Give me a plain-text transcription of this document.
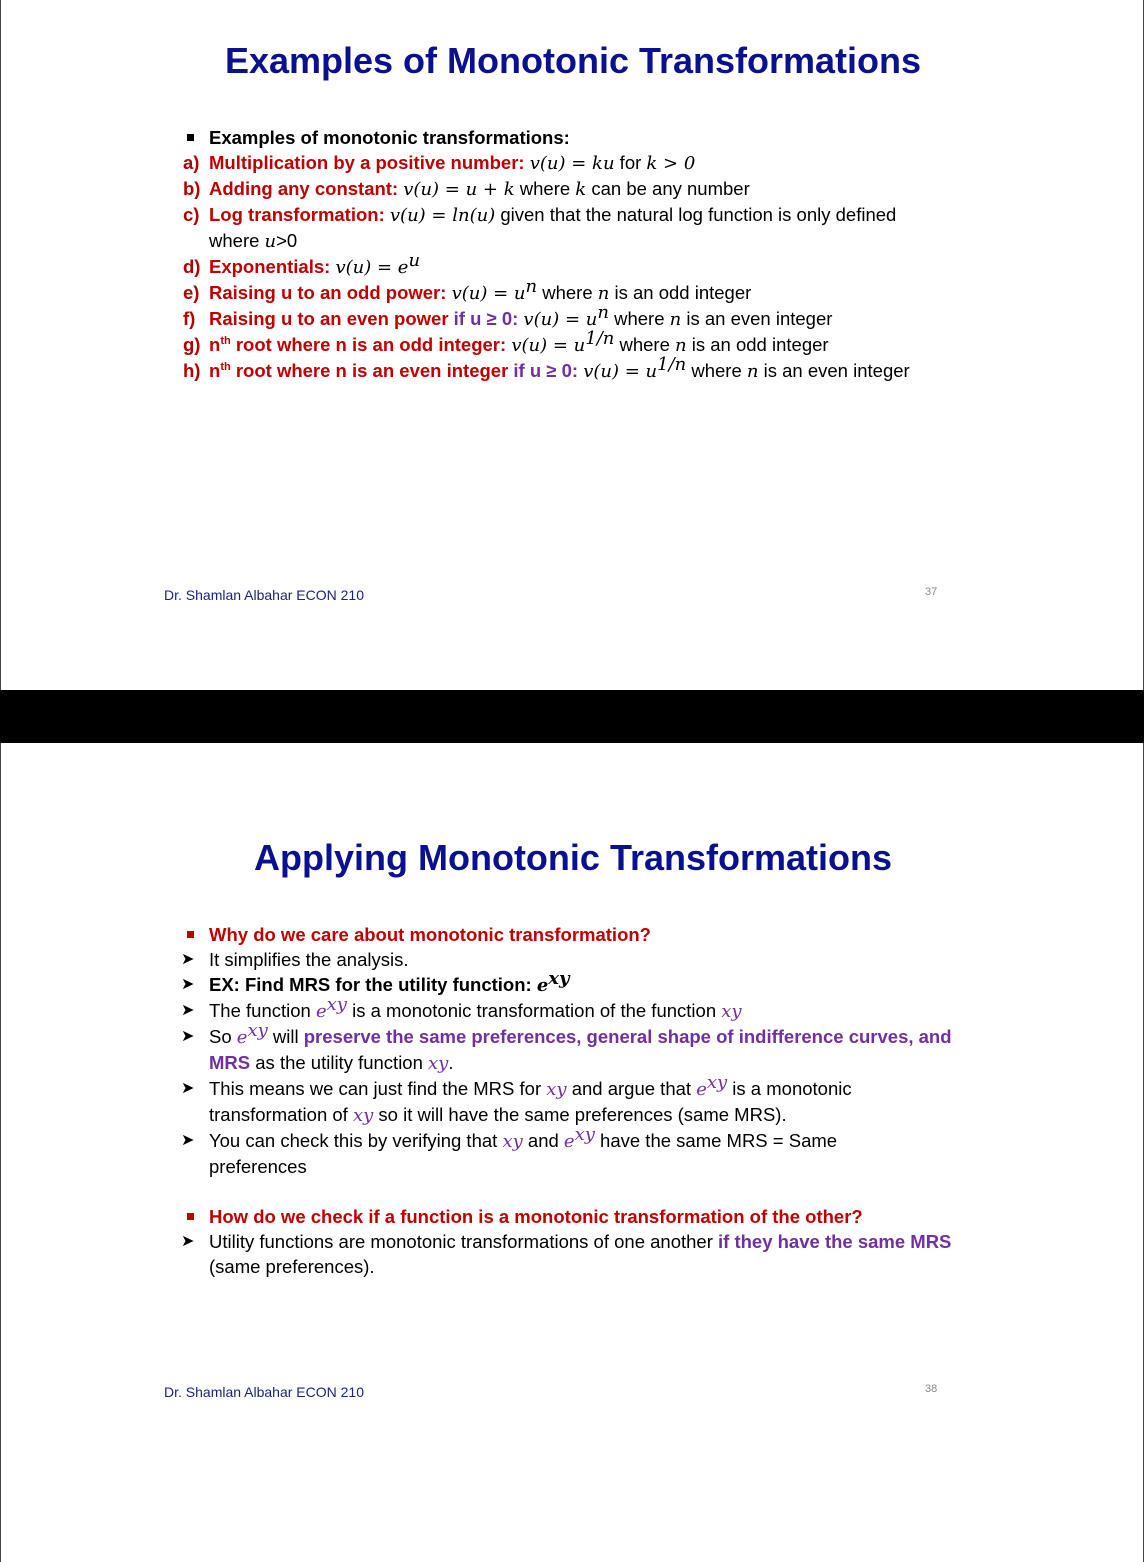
Examples of Monotonic Transformations
Examples of monotonic transformations:
a) Multiplication by a positive number: v(u) = ku for k > 0
b) Adding any constant: v(u) = u + k where k can be any number
c) Log transformation: v(u) = ln(u) given that the natural log function is only defined where u>0
d) Exponentials: $v(u) = e^u$
e) Raising u to an odd power: $v(u) = u^n$ where n is an odd integer
f) Raising u to an even power if u ≥ 0: $v(u) = u^n$ where n is an even integer
g) $n^{th}$ root where n is an odd integer: $v(u) = u^{1/n}$ where n is an odd integer
h) $n^{th}$ root where n is an even integer if u ≥ 0: $v(u) = u^{1/n}$ where n is an even integer
Dr. Shamlan Albahar ECON 210	37
Applying Monotonic Transformations
Why do we care about monotonic transformation?
➤ It simplifies the analysis.
➤ EX: Find MRS for the utility function: $e^{xy}$
➤ The function $e^{xy}$ is a monotonic transformation of the function xy
➤ So $e^{xy}$ will preserve the same preferences, general shape of indifference curves, and MRS as the utility function xy.
➤ This means we can just find the MRS for xy and argue that $e^{xy}$ is a monotonic transformation of xy so it will have the same preferences (same MRS).
➤ You can check this by verifying that xy and $e^{xy}$ have the same MRS = Same preferences
How do we check if a function is a monotonic transformation of the other?
➤ Utility functions are monotonic transformations of one another if they have the same MRS (same preferences).
Dr. Shamlan Albahar ECON 210	38
